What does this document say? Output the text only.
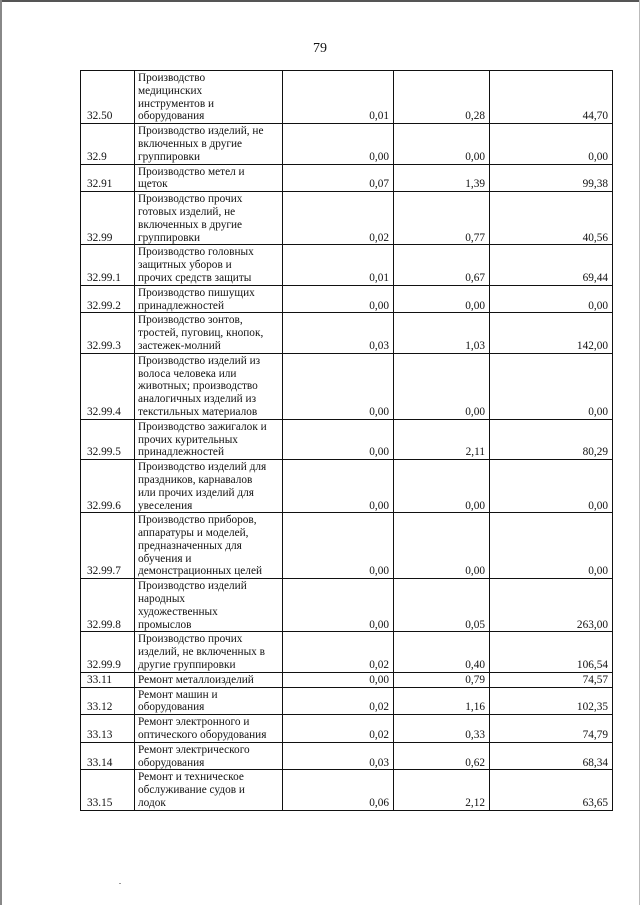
79
32.50	Производство
медицинских
инструментов и
оборудования	0,01	0,28	44,70
32.9	Производство изделий, не
включенных в другие
группировки	0,00	0,00	0,00
32.91	Производство метел и
щеток	0,07	1,39	99,38
32.99	Производство прочих
готовых изделий, не
включенных в другие
группировки	0,02	0,77	40,56
32.99.1	Производство головных
защитных уборов и
прочих средств защиты	0,01	0,67	69,44
32.99.2	Производство пишущих
принадлежностей	0,00	0,00	0,00
32.99.3	Производство зонтов,
тростей, пуговиц, кнопок,
застежек-молний	0,03	1,03	142,00
32.99.4	Производство изделий из
волоса человека или
животных; производство
аналогичных изделий из
текстильных материалов	0,00	0,00	0,00
32.99.5	Производство зажигалок и
прочих курительных
принадлежностей	0,00	2,11	80,29
32.99.6	Производство изделий для
праздников, карнавалов
или прочих изделий для
увеселения	0,00	0,00	0,00
32.99.7	Производство приборов,
аппаратуры и моделей,
предназначенных для
обучения и
демонстрационных целей	0,00	0,00	0,00
32.99.8	Производство изделий
народных
художественных
промыслов	0,00	0,05	263,00
32.99.9	Производство прочих
изделий, не включенных в
другие группировки	0,02	0,40	106,54
33.11	Ремонт металлоизделий	0,00	0,79	74,57
33.12	Ремонт машин и
оборудования	0,02	1,16	102,35
33.13	Ремонт электронного и
оптического оборудования	0,02	0,33	74,79
33.14	Ремонт электрического
оборудования	0,03	0,62	68,34
33.15	Ремонт и техническое
обслуживание судов и
лодок	0,06	2,12	63,65
